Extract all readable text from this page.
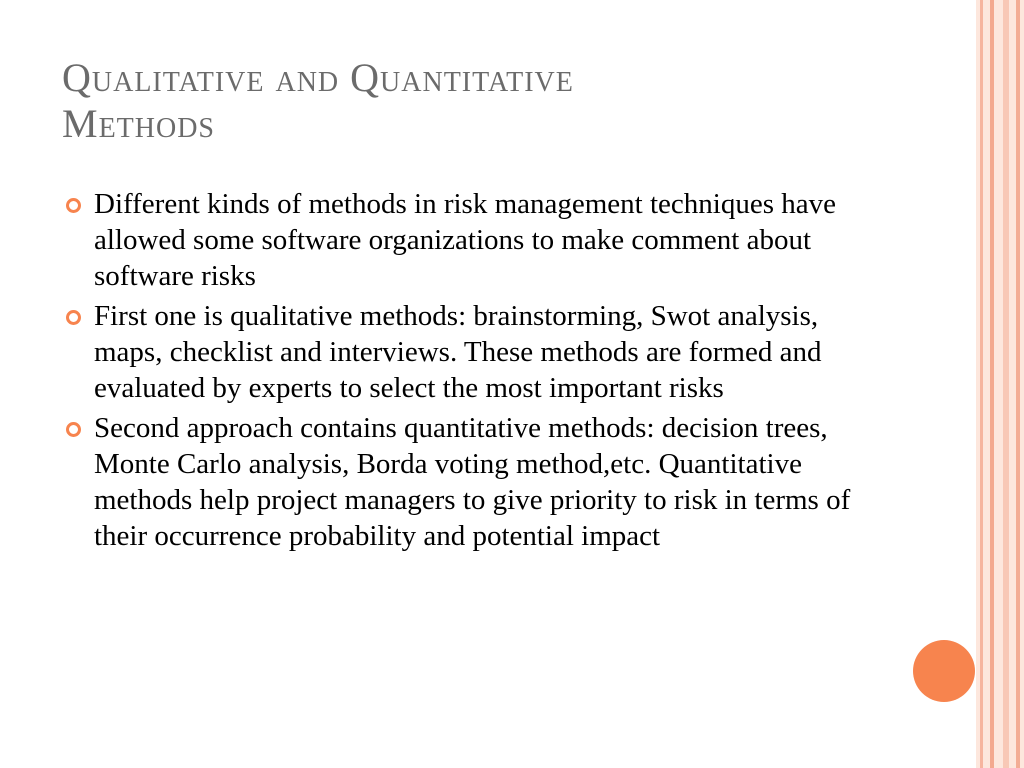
Qualitative and Quantitative
Methods
Different kinds of methods in risk management techniques have allowed some software organizations to make comment about software risks
First one is qualitative methods: brainstorming, Swot analysis, maps, checklist and interviews. These methods are formed and evaluated by experts to select the most important risks
Second approach contains quantitative methods: decision trees, Monte Carlo analysis, Borda voting method,etc. Quantitative methods help project managers to give priority to risk in terms of their occurrence probability and potential impact
